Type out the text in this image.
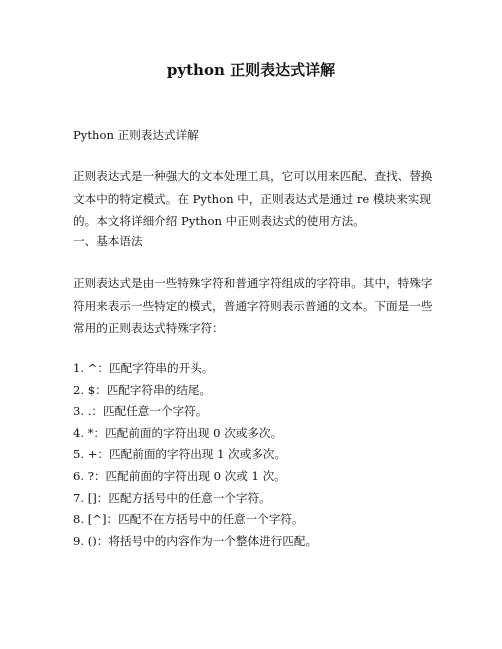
python 正则表达式详解

Python 正则表达式详解

正则表达式是一种强大的文本处理工具，它可以用来匹配、查找、替换文本中的特定模式。在 Python 中，正则表达式是通过 re 模块来实现的。本文将详细介绍 Python 中正则表达式的使用方法。

一、基本语法

正则表达式是由一些特殊字符和普通字符组成的字符串。其中，特殊字符用来表示一些特定的模式，普通字符则表示普通的文本。下面是一些常用的正则表达式特殊字符：

1. ^：匹配字符串的开头。
2. $：匹配字符串的结尾。
3. .：匹配任意一个字符。
4. *：匹配前面的字符出现 0 次或多次。
5. +：匹配前面的字符出现 1 次或多次。
6. ?：匹配前面的字符出现 0 次或 1 次。
7. []：匹配方括号中的任意一个字符。
8. [^]：匹配不在方括号中的任意一个字符。
9. ()：将括号中的内容作为一个整体进行匹配。
